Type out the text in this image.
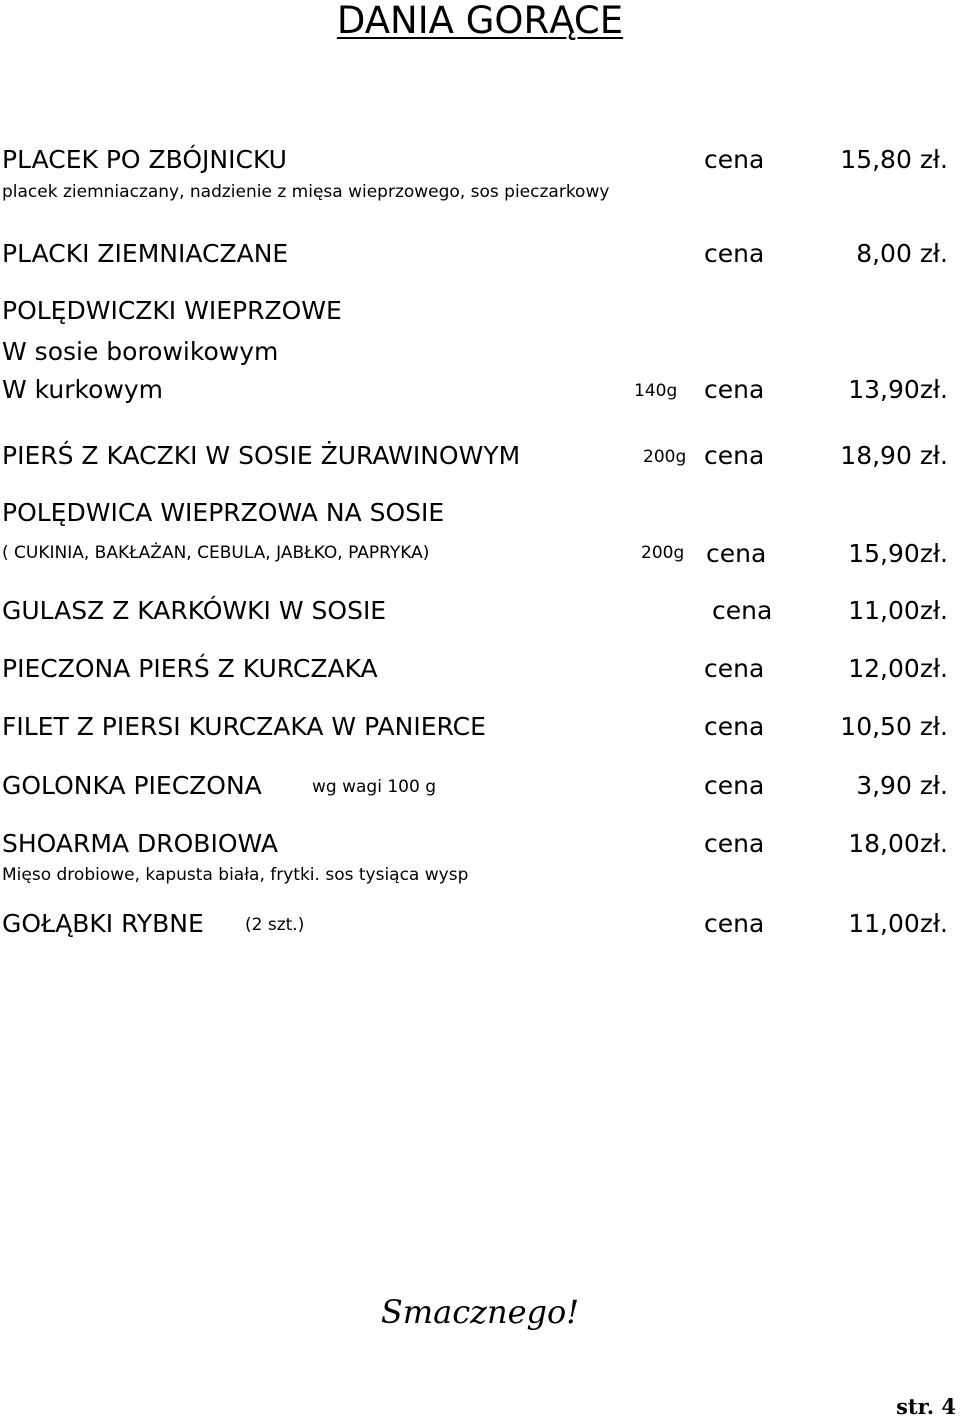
DANIA GORĄCE
PLACEK PO ZBÓJNICKU	cena	15,80 zł.
placek ziemniaczany, nadzienie z mięsa wieprzowego, sos pieczarkowy
PLACKI ZIEMNIACZANE	cena	8,00 zł.
POLĘDWICZKI WIEPRZOWE
W sosie borowikowym
W kurkowym	140g cena	13,90zł.
PIERŚ Z KACZKI W SOSIE ŻURAWINOWYM	200g cena	18,90 zł.
POLĘDWICA WIEPRZOWA NA SOSIE
( CUKINIA, BAKŁAŻAN, CEBULA, JABŁKO, PAPRYKA)	200g cena	15,90zł.
GULASZ Z KARKÓWKI W SOSIE	cena	11,00zł.
PIECZONA PIERŚ Z KURCZAKA	cena	12,00zł.
FILET Z PIERSI KURCZAKA W PANIERCE	cena	10,50 zł.
GOLONKA PIECZONA	wg wagi 100 g	cena	3,90 zł.
SHOARMA DROBIOWA	cena	18,00zł.
Mięso drobiowe, kapusta biała, frytki. sos tysiąca wysp
GOŁĄBKI RYBNE (2 szt.)	cena	11,00zł.
Smacznego!
str. 4
